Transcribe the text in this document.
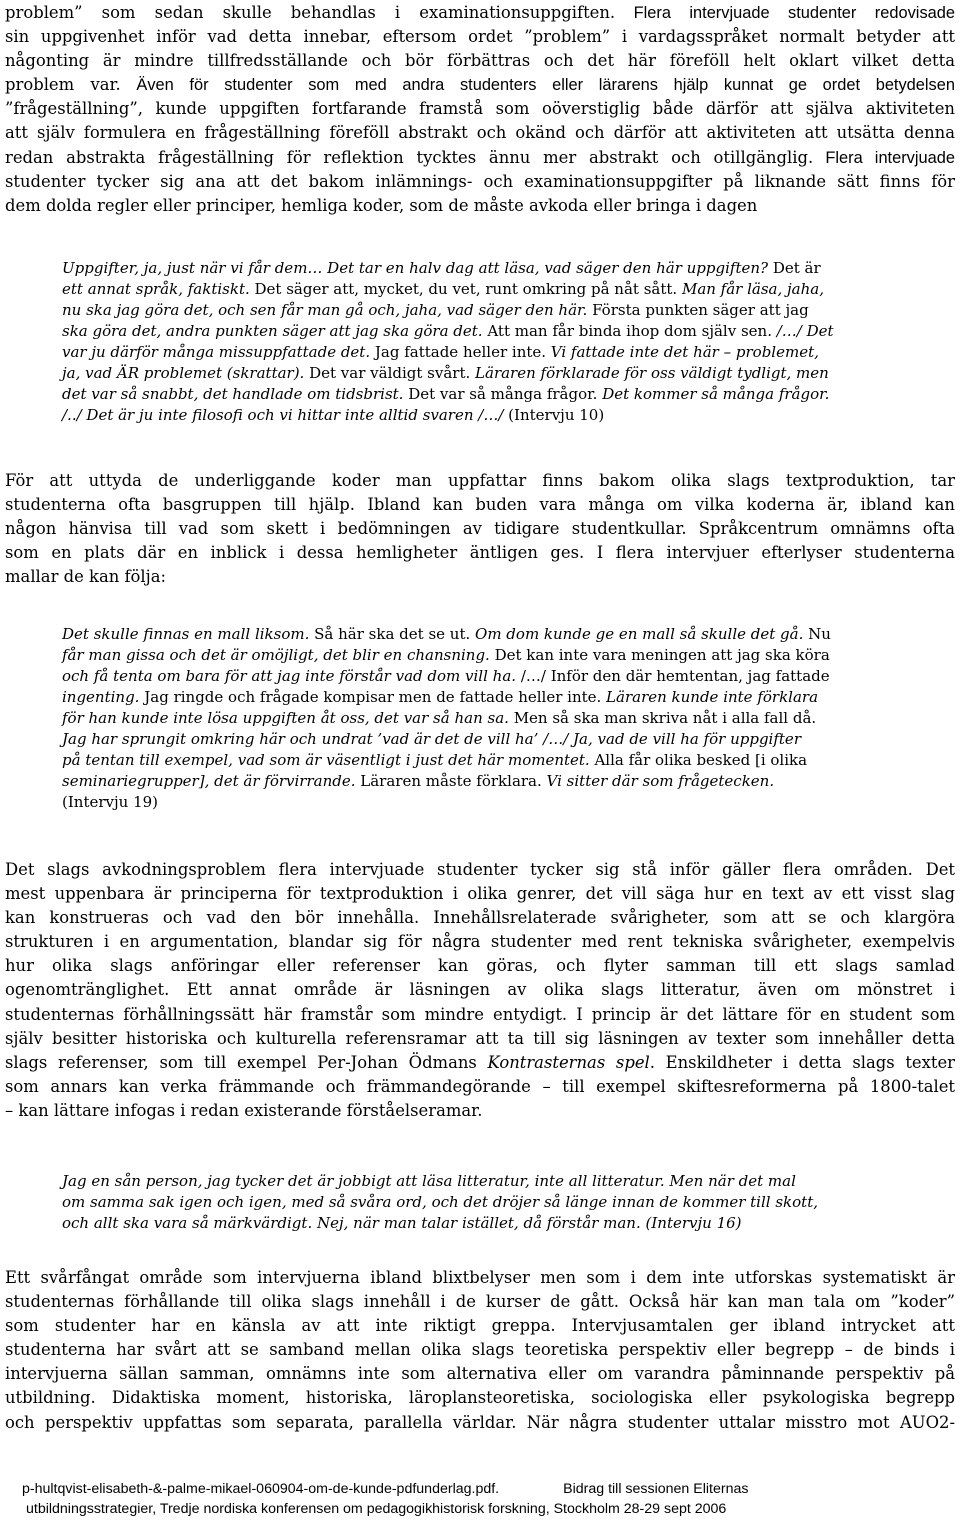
problem” som sedan skulle behandlas i examinationsuppgiften. Flera intervjuade studenter redovisade
sin uppgivenhet inför vad detta innebar, eftersom ordet ”problem” i vardagsspråket normalt betyder att
någonting är mindre tillfredsställande och bör förbättras och det här föreföll helt oklart vilket detta
problem var. Även för studenter som med andra studenters eller lärarens hjälp kunnat ge ordet betydelsen
”frågeställning”, kunde uppgiften fortfarande framstå som oöverstiglig både därför att själva aktiviteten
att själv formulera en frågeställning föreföll abstrakt och okänd och därför att aktiviteten att utsätta denna
redan abstrakta frågeställning för reflektion tycktes ännu mer abstrakt och otillgänglig. Flera intervjuade
studenter tycker sig ana att det bakom inlämnings- och examinationsuppgifter på liknande sätt finns för
dem dolda regler eller principer, hemliga koder, som de måste avkoda eller bringa i dagen
Uppgifter, ja, just när vi får dem… Det tar en halv dag att läsa, vad säger den här uppgiften? Det är
ett annat språk, faktiskt. Det säger att, mycket, du vet, runt omkring på nåt sått. Man får läsa, jaha,
nu ska jag göra det, och sen får man gå och, jaha, vad säger den här. Första punkten säger att jag
ska göra det, andra punkten säger att jag ska göra det. Att man får binda ihop dom själv sen. /…/ Det
var ju därför många missuppfattade det. Jag fattade heller inte. Vi fattade inte det här – problemet,
ja, vad ÄR problemet (skrattar). Det var väldigt svårt. Läraren förklarade för oss väldigt tydligt, men
det var så snabbt, det handlade om tidsbrist. Det var så många frågor. Det kommer så många frågor.
/../ Det är ju inte filosofi och vi hittar inte alltid svaren /…/ (Intervju 10)
För att uttyda de underliggande koder man uppfattar finns bakom olika slags textproduktion, tar
studenterna ofta basgruppen till hjälp. Ibland kan buden vara många om vilka koderna är, ibland kan
någon hänvisa till vad som skett i bedömningen av tidigare studentkullar. Språkcentrum omnämns ofta
som en plats där en inblick i dessa hemligheter äntligen ges. I flera intervjuer efterlyser studenterna
mallar de kan följa:
Det skulle finnas en mall liksom. Så här ska det se ut. Om dom kunde ge en mall så skulle det gå. Nu
får man gissa och det är omöjligt, det blir en chansning. Det kan inte vara meningen att jag ska köra
och få tenta om bara för att jag inte förstår vad dom vill ha. /…/ Inför den där hemtentan, jag fattade
ingenting. Jag ringde och frågade kompisar men de fattade heller inte. Läraren kunde inte förklara
för han kunde inte lösa uppgiften åt oss, det var så han sa. Men så ska man skriva nåt i alla fall då.
Jag har sprungit omkring här och undrat ’vad är det de vill ha’ /…/ Ja, vad de vill ha för uppgifter
på tentan till exempel, vad som är väsentligt i just det här momentet. Alla får olika besked [i olika
seminariegrupper], det är förvirrande. Läraren måste förklara. Vi sitter där som frågetecken.
(Intervju 19)
Det slags avkodningsproblem flera intervjuade studenter tycker sig stå inför gäller flera områden. Det
mest uppenbara är principerna för textproduktion i olika genrer, det vill säga hur en text av ett visst slag
kan konstrueras och vad den bör innehålla. Innehållsrelaterade svårigheter, som att se och klargöra
strukturen i en argumentation, blandar sig för några studenter med rent tekniska svårigheter, exempelvis
hur olika slags anföringar eller referenser kan göras, och flyter samman till ett slags samlad
ogenomtränglighet. Ett annat område är läsningen av olika slags litteratur, även om mönstret i
studenternas förhållningssätt här framstår som mindre entydigt. I princip är det lättare för en student som
själv besitter historiska och kulturella referensramar att ta till sig läsningen av texter som innehåller detta
slags referenser, som till exempel Per-Johan Ödmans Kontrasternas spel. Enskildheter i detta slags texter
som annars kan verka främmande och främmandegörande – till exempel skiftesreformerna på 1800-talet
– kan lättare infogas i redan existerande förståelseramar.
Jag en sån person, jag tycker det är jobbigt att läsa litteratur, inte all litteratur. Men när det mal
om samma sak igen och igen, med så svåra ord, och det dröjer så länge innan de kommer till skott,
och allt ska vara så märkvärdigt. Nej, när man talar istället, då förstår man. (Intervju 16)
Ett svårfångat område som intervjuerna ibland blixtbelyser men som i dem inte utforskas systematiskt är
studenternas förhållande till olika slags innehåll i de kurser de gått. Också här kan man tala om ”koder”
som studenter har en känsla av att inte riktigt greppa. Intervjusamtalen ger ibland intrycket att
studenterna har svårt att se samband mellan olika slags teoretiska perspektiv eller begrepp – de binds i
intervjuerna sällan samman, omnämns inte som alternativa eller om varandra påminnande perspektiv på
utbildning. Didaktiska moment, historiska, läroplansteoretiska, sociologiska eller psykologiska begrepp
och perspektiv uppfattas som separata, parallella världar. När några studenter uttalar misstro mot AUO2-
p-hultqvist-elisabeth-&-palme-mikael-060904-om-de-kunde-pdfunderlag.pdf.	Bidrag till sessionen Eliternas
utbildningsstrategier, Tredje nordiska konferensen om pedagogikhistorisk forskning, Stockholm 28-29 sept 2006
